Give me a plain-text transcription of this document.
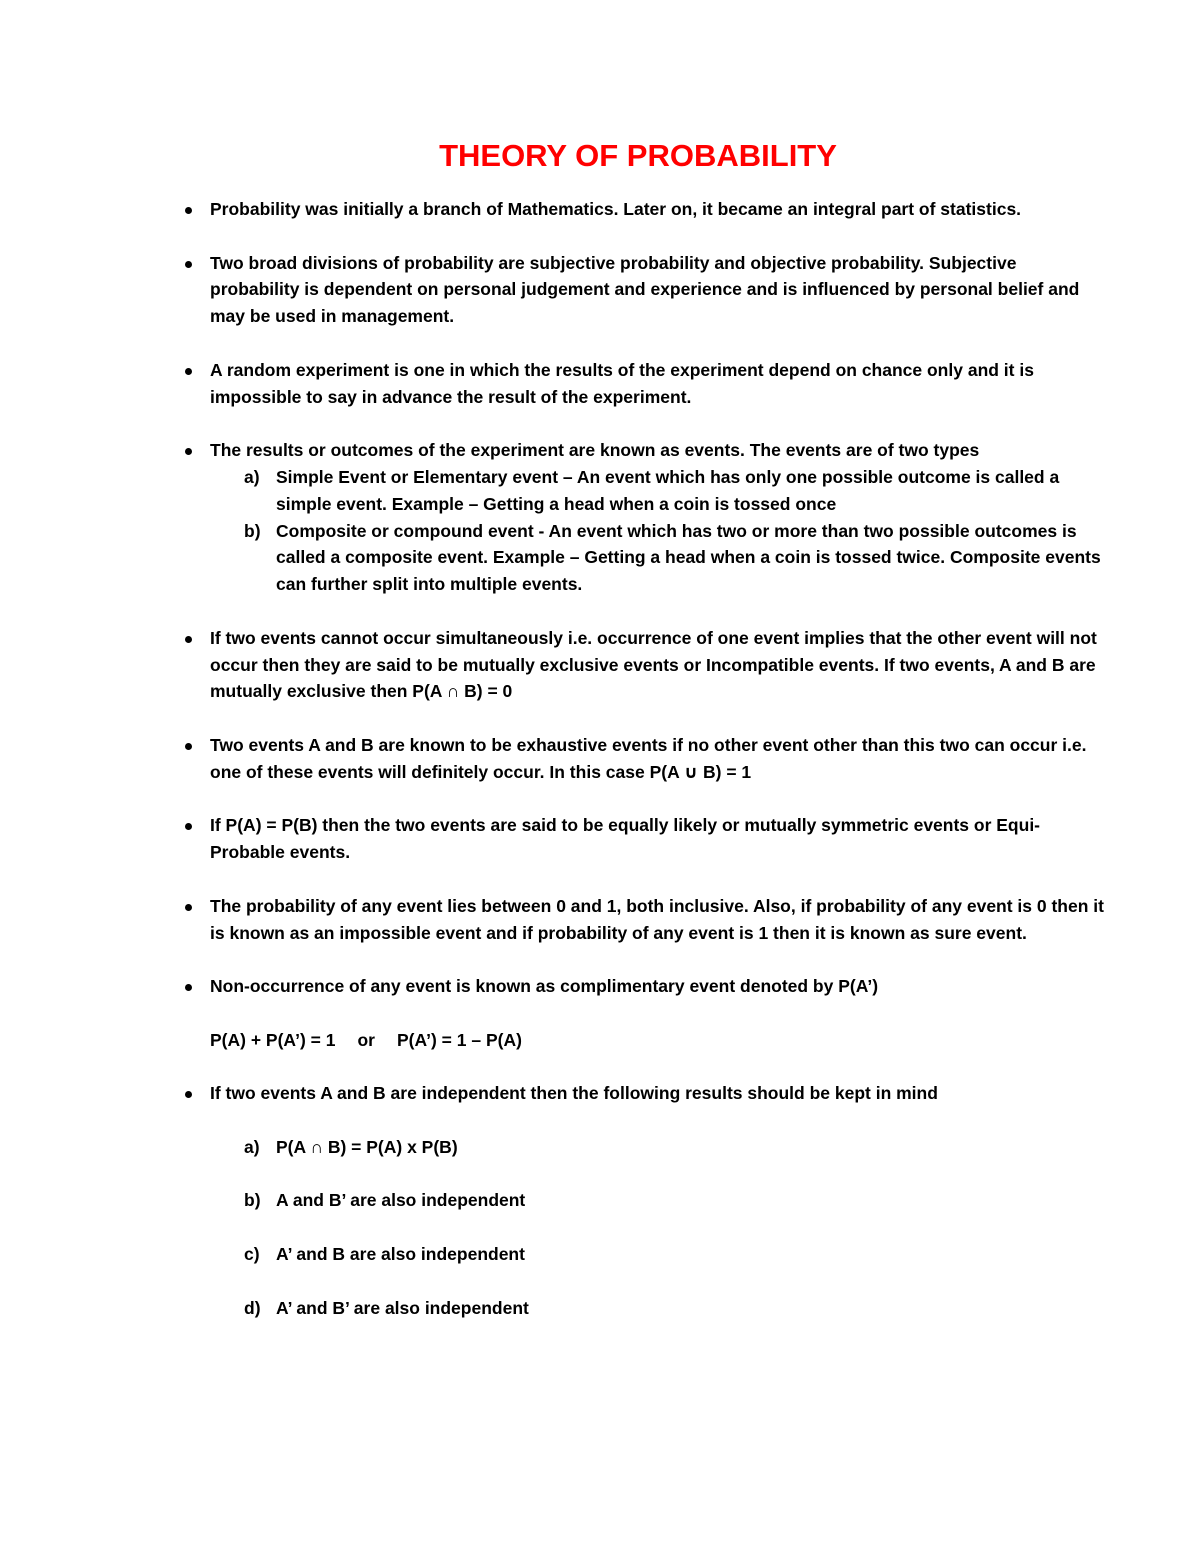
THEORY OF PROBABILITY

Probability was initially a branch of Mathematics. Later on, it became an integral part of statistics.

Two broad divisions of probability are subjective probability and objective probability. Subjective probability is dependent on personal judgement and experience and is influenced by personal belief and may be used in management.

A random experiment is one in which the results of the experiment depend on chance only and it is impossible to say in advance the result of the experiment.

The results or outcomes of the experiment are known as events. The events are of two types

a) Simple Event or Elementary event – An event which has only one possible outcome is called a simple event. Example – Getting a head when a coin is tossed once
b) Composite or compound event - An event which has two or more than two possible outcomes is called a composite event. Example – Getting a head when a coin is tossed twice. Composite events can further split into multiple events.

If two events cannot occur simultaneously i.e. occurrence of one event implies that the other event will not occur then they are said to be mutually exclusive events or Incompatible events. If two events, A and B are mutually exclusive then P(A ∩ B) = 0

Two events A and B are known to be exhaustive events if no other event other than this two can occur i.e. one of these events will definitely occur. In this case P(A ∪ B) = 1

If P(A) = P(B) then the two events are said to be equally likely or mutually symmetric events or Equi-Probable events.

The probability of any event lies between 0 and 1, both inclusive. Also, if probability of any event is 0 then it is known as an impossible event and if probability of any event is 1 then it is known as sure event.

Non-occurrence of any event is known as complimentary event denoted by P(A’)

P(A) + P(A’) = 1 or P(A’) = 1 – P(A)

If two events A and B are independent then the following results should be kept in mind

a) P(A ∩ B) = P(A) x P(B)
b) A and B’ are also independent
c) A’ and B are also independent
d) A’ and B’ are also independent
